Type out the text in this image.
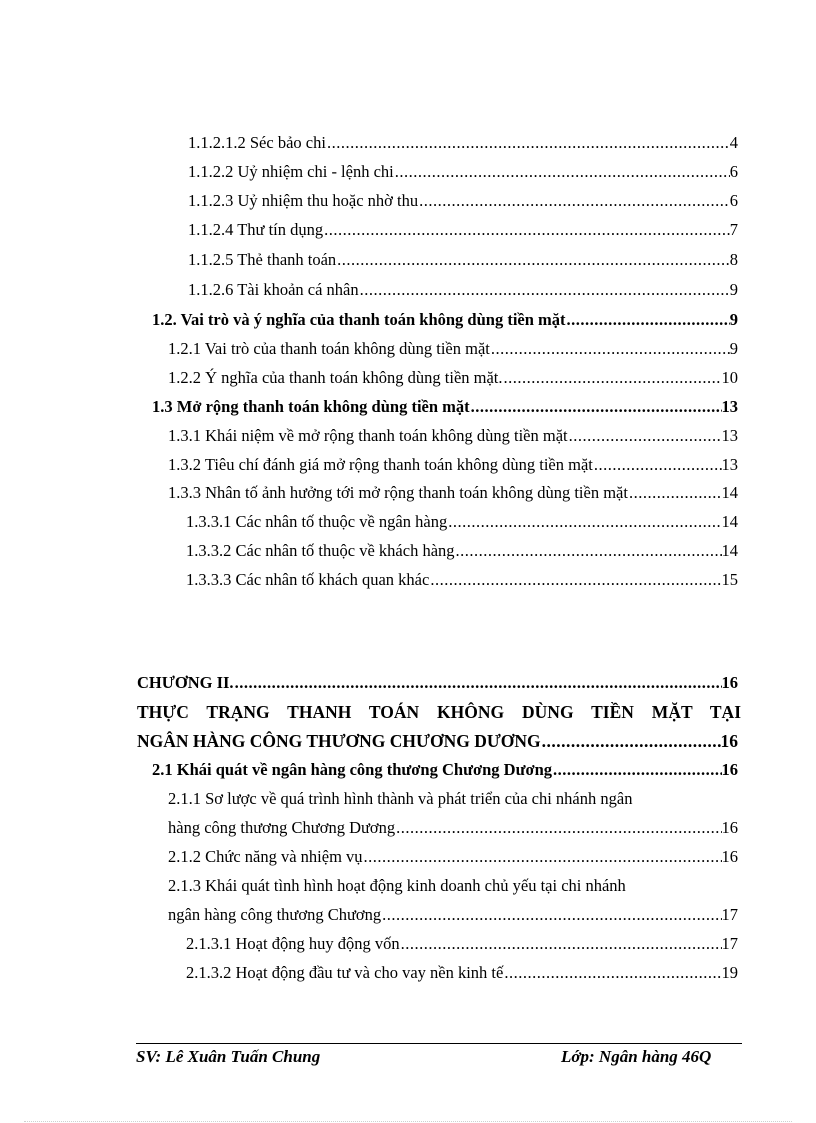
1.1.2.1.2 Séc bảo chi .....	4
1.1.2.2 Uỷ nhiệm chi - lệnh chi .....	6
1.1.2.3 Uỷ nhiệm thu hoặc nhờ thu .....	6
1.1.2.4 Thư tín dụng .....	7
1.1.2.5 Thẻ thanh toán .....	8
1.1.2.6 Tài khoản cá nhân .....	9
1.2. Vai trò và ý nghĩa của thanh toán không dùng tiền mặt .....	9
1.2.1 Vai trò của thanh toán không dùng tiền mặt .....	9
1.2.2 Ý nghĩa của thanh toán không dùng tiền mặt. .....	10
1.3 Mở rộng thanh toán không dùng tiền mặt .....	13
1.3.1 Khái niệm về mở rộng thanh toán không dùng tiền mặt .....	13
1.3.2 Tiêu chí đánh giá mở rộng thanh toán không dùng tiền mặt .....	13
1.3.3 Nhân tố ảnh hưởng tới mở rộng thanh toán không dùng tiền mặt .....	14
1.3.3.1 Các nhân tố thuộc về ngân hàng .....	14
1.3.3.2 Các nhân tố thuộc về khách hàng .....	14
1.3.3.3 Các nhân tố khách quan khác .....	15
CHƯƠNG II. .....	16
THỰC TRẠNG THANH TOÁN KHÔNG DÙNG TIỀN MẶT TẠI
NGÂN HÀNG CÔNG THƯƠNG CHƯƠNG DƯƠNG .....	16
2.1 Khái quát về ngân hàng công thương Chương Dương .....	16
2.1.1 Sơ lược về quá trình hình thành và phát triển của chi nhánh ngân
hàng công thương Chương Dương .....	16
2.1.2 Chức năng và nhiệm vụ .....	16
2.1.3 Khái quát tình hình hoạt động kinh doanh chủ yếu tại chi nhánh
ngân hàng công thương Chương .....	17
2.1.3.1 Hoạt động huy động vốn .....	17
2.1.3.2 Hoạt động đầu tư và cho vay nền kinh tế .....	19
SV: Lê Xuân Tuấn Chung	Lớp: Ngân hàng 46Q
